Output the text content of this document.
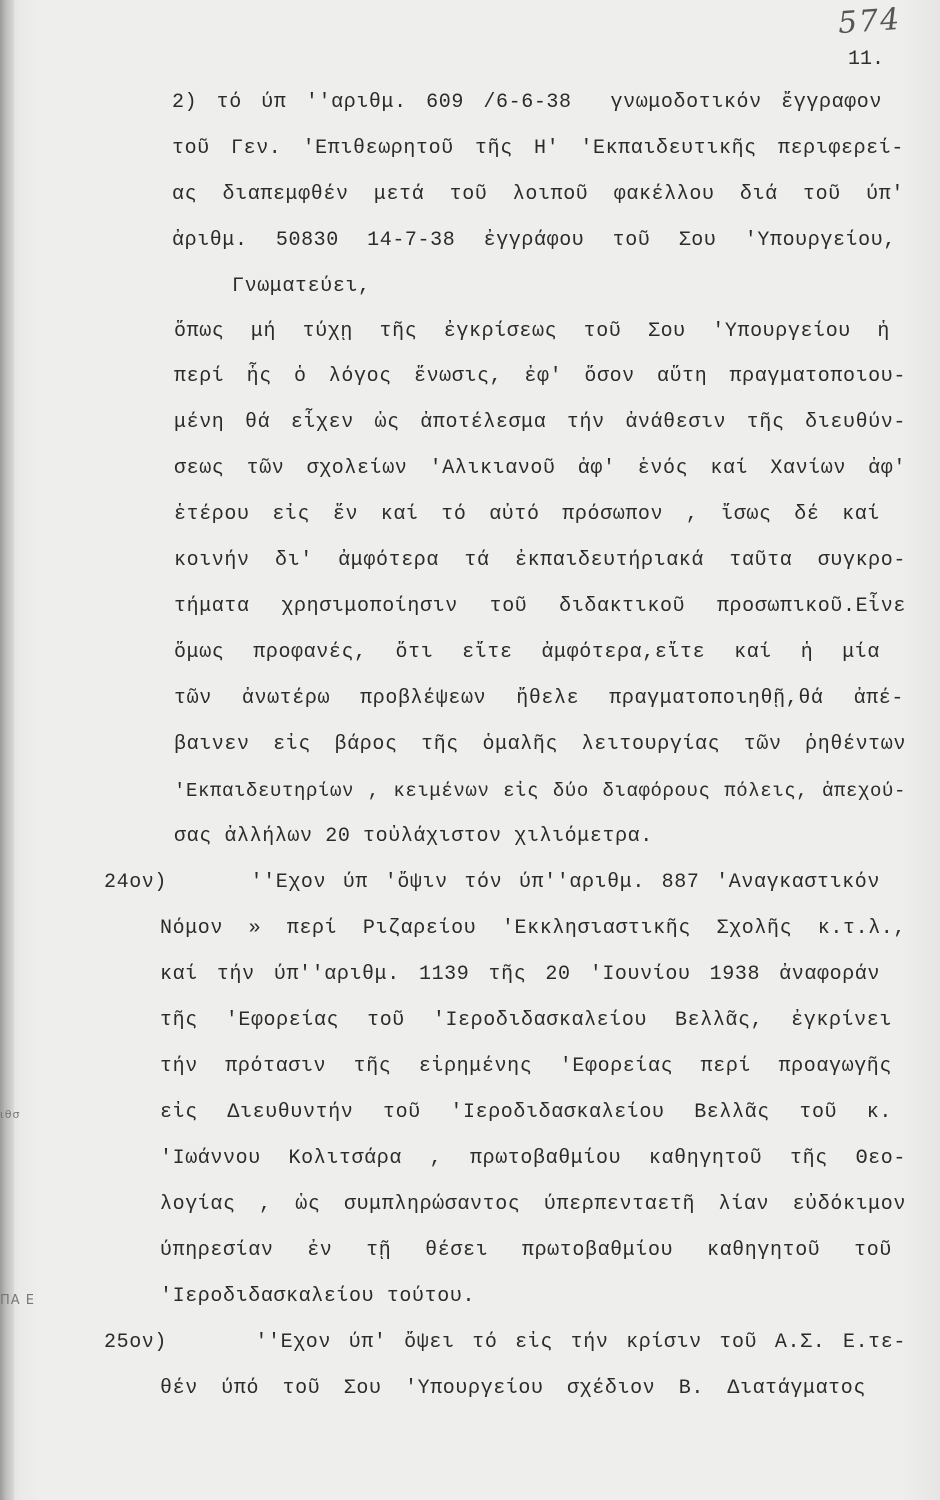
ιθσ
ΠΑ Ε
574
11.
2) τό ύπ ''αριθμ. 609 /6-6-38  γνωμοδοτικόν ἔγγραφον
τοῦ Γεν. 'Επιθεωρητοῦ τῆς Η' 'Εκπαιδευτικῆς περιφερεί-
ας διαπεμφθέν μετά τοῦ λοιποῦ φακέλλου διά τοῦ ύπ'
ἀριθμ. 50830 14-7-38 ἐγγράφου τοῦ Σου 'Υπουργείου,
Γνωματεύει,
ὅπως μή τύχῃ τῆς ἐγκρίσεως τοῦ Σου 'Υπουργείου ἡ
περί ἧς ὁ λόγος ἕνωσις, ἐφ' ὅσον αὕτη πραγματοποιου-
μένη θά εἶχεν ὡς ἀποτέλεσμα τήν ἀνάθεσιν τῆς διευθύν-
σεως τῶν σχολείων 'Αλικιανοῦ ἀφ' ἑνός καί Χανίων ἀφ'
ἑτέρου εἰς ἕν καί τό αὐτό πρόσωπον , ἴσως δέ καί
κοινήν δι' ἀμφότερα τά ἐκπαιδευτήριακά ταῦτα συγκρο-
τήματα χρησιμοποίησιν τοῦ διδακτικοῦ προσωπικοῦ.Εἶνε
ὅμως προφανές, ὅτι εἴτε ἀμφότερα,εἴτε καί ἡ μία
τῶν ἀνωτέρω προβλέψεων ἤθελε πραγματοποιηθῇ,θά ἀπέ-
βαινεν εἰς βάρος τῆς ὁμαλῆς λειτουργίας τῶν ῥηθέντων
'Εκπαιδευτηρίων , κειμένων εἰς δύο διαφόρους πόλεις, ἀπεχού-
σας ἀλλήλων 20 τοὐλάχιστον χιλιόμετρα.
24ον)     ''Εχον ύπ 'ὄψιν τόν ύπ''αριθμ. 887 'Αναγκαστικόν
Νόμον » περί Ριζαρείου 'Εκκλησιαστικῆς Σχολῆς κ.τ.λ.,
καί τήν ύπ''αριθμ. 1139 τῆς 20 'Ιουνίου 1938 ἀναφοράν
τῆς 'Εφορείας τοῦ 'Ιεροδιδασκαλείου Βελλᾶς, ἐγκρίνει
τήν πρότασιν τῆς εἰρημένης 'Εφορείας περί προαγωγῆς
εἰς Διευθυντήν τοῦ 'Ιεροδιδασκαλείου Βελλᾶς τοῦ κ.
'Ιωάννου Κολιτσάρα , πρωτοβαθμίου καθηγητοῦ τῆς Θεο-
λογίας , ὡς συμπληρώσαντος ύπερπενταετῆ λίαν εὐδόκιμον
ύπηρεσίαν ἐν τῇ θέσει πρωτοβαθμίου καθηγητοῦ τοῦ
'Ιεροδιδασκαλείου τούτου.
25ον)     ''Εχον ύπ' ὄψει τό εἰς τήν κρίσιν τοῦ Α.Σ. Ε.τε-
θέν ύπό τοῦ Σου 'Υπουργείου σχέδιον Β. Διατάγματος
